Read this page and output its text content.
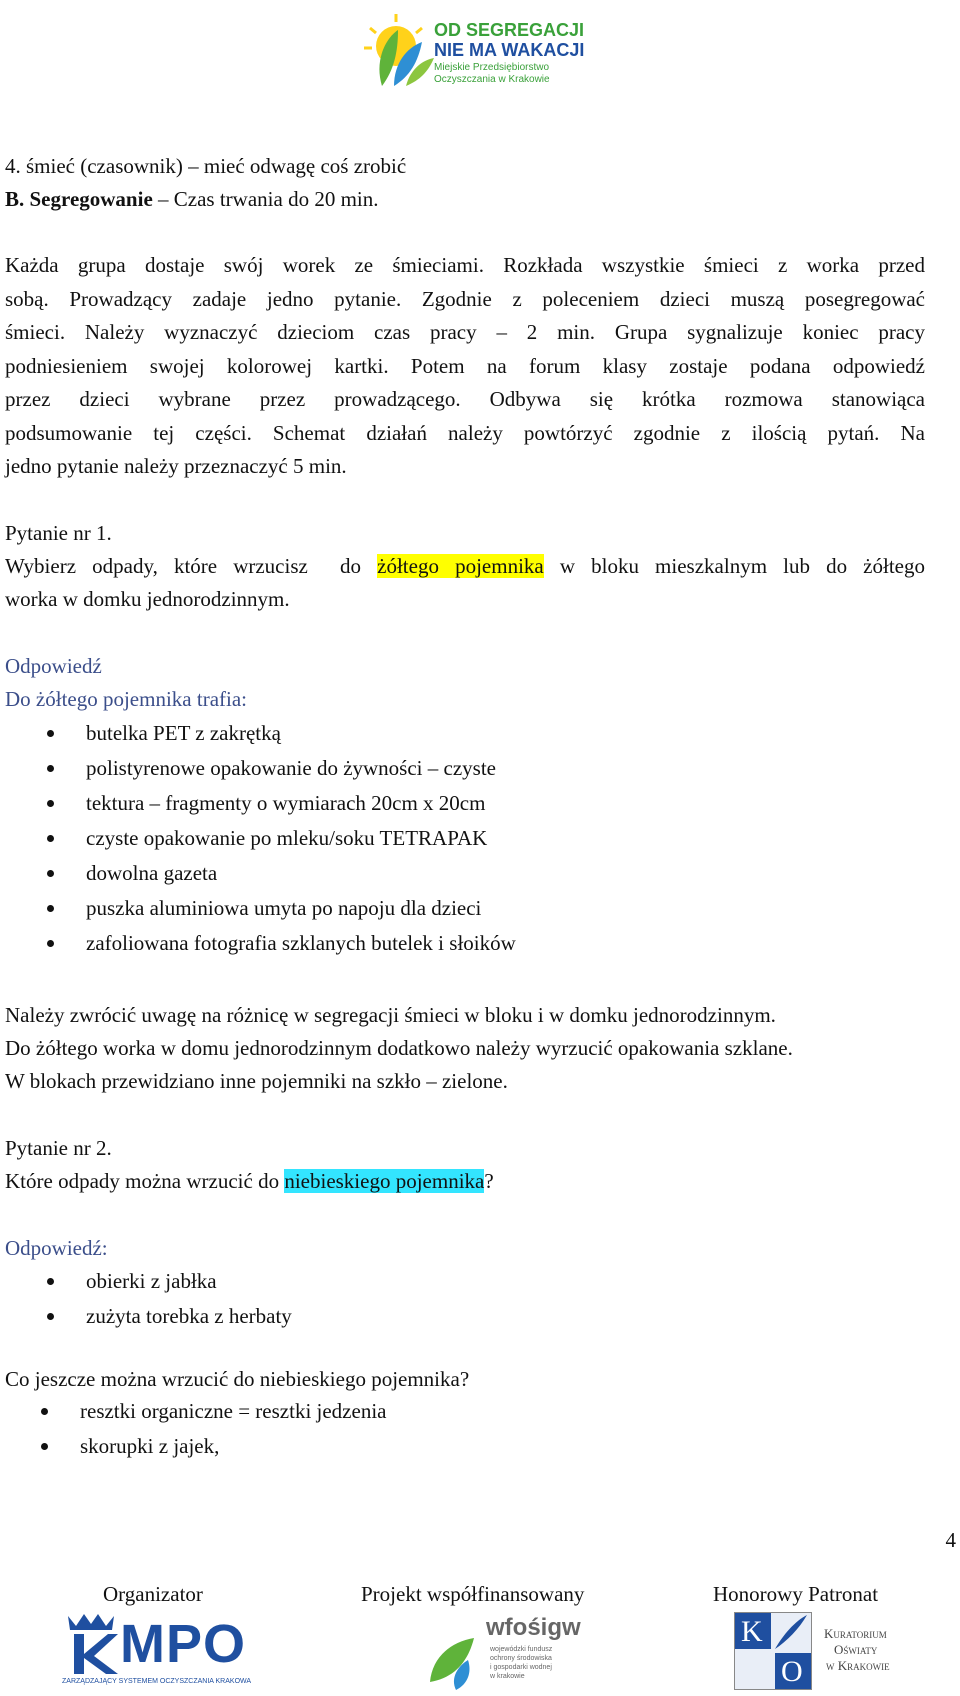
OD SEGREGACJI
NIE MA WAKACJI
Miejskie Przedsiębiorstwo
Oczyszczania w Krakowie
4. śmieć (czasownik) – mieć odwagę coś zrobić
B. Segregowanie – Czas trwania do 20 min.
Każda grupa dostaje swój worek ze śmieciami. Rozkłada wszystkie śmieci z worka przed
sobą. Prowadzący zadaje jedno pytanie. Zgodnie z poleceniem dzieci muszą posegregować
śmieci. Należy wyznaczyć dzieciom czas pracy – 2 min. Grupa sygnalizuje koniec pracy
podniesieniem swojej kolorowej kartki. Potem na forum klasy zostaje podana odpowiedź
przez dzieci wybrane przez prowadzącego. Odbywa się krótka rozmowa stanowiąca
podsumowanie tej części. Schemat działań należy powtórzyć zgodnie z ilością pytań. Na
jedno pytanie należy przeznaczyć 5 min.
Pytanie nr 1.
Wybierz odpady, które wrzucisz  do żółtego pojemnika w bloku mieszkalnym lub do żółtego
worka w domku jednorodzinnym.
Odpowiedź
Do żółtego pojemnika trafia:
butelka PET z zakrętką
polistyrenowe opakowanie do żywności – czyste
tektura – fragmenty o wymiarach 20cm x 20cm
czyste opakowanie po mleku/soku TETRAPAK
dowolna gazeta
puszka aluminiowa umyta po napoju dla dzieci
zafoliowana fotografia szklanych butelek i słoików
Należy zwrócić uwagę na różnicę w segregacji śmieci w bloku i w domku jednorodzinnym.
Do żółtego worka w domu jednorodzinnym dodatkowo należy wyrzucić opakowania szklane.
W blokach przewidziano inne pojemniki na szkło – zielone.
Pytanie nr 2.
Które odpady można wrzucić do niebieskiego pojemnika?
Odpowiedź:
obierki z jabłka
zużyta torebka z herbaty
Co jeszcze można wrzucić do niebieskiego pojemnika?
resztki organiczne = resztki jedzenia
skorupki z jajek,
4
Organizator	Projekt współfinansowany	Honorowy Patronat
MPO
ZARZĄDZAJĄCY SYSTEMEM OCZYSZCZANIA KRAKOWA
wfośigw
wojewódzki fundusz
ochrony środowiska
i gospodarki wodnej
w krakowie
K
O
Kuratorium
Oświaty
w Krakowie
